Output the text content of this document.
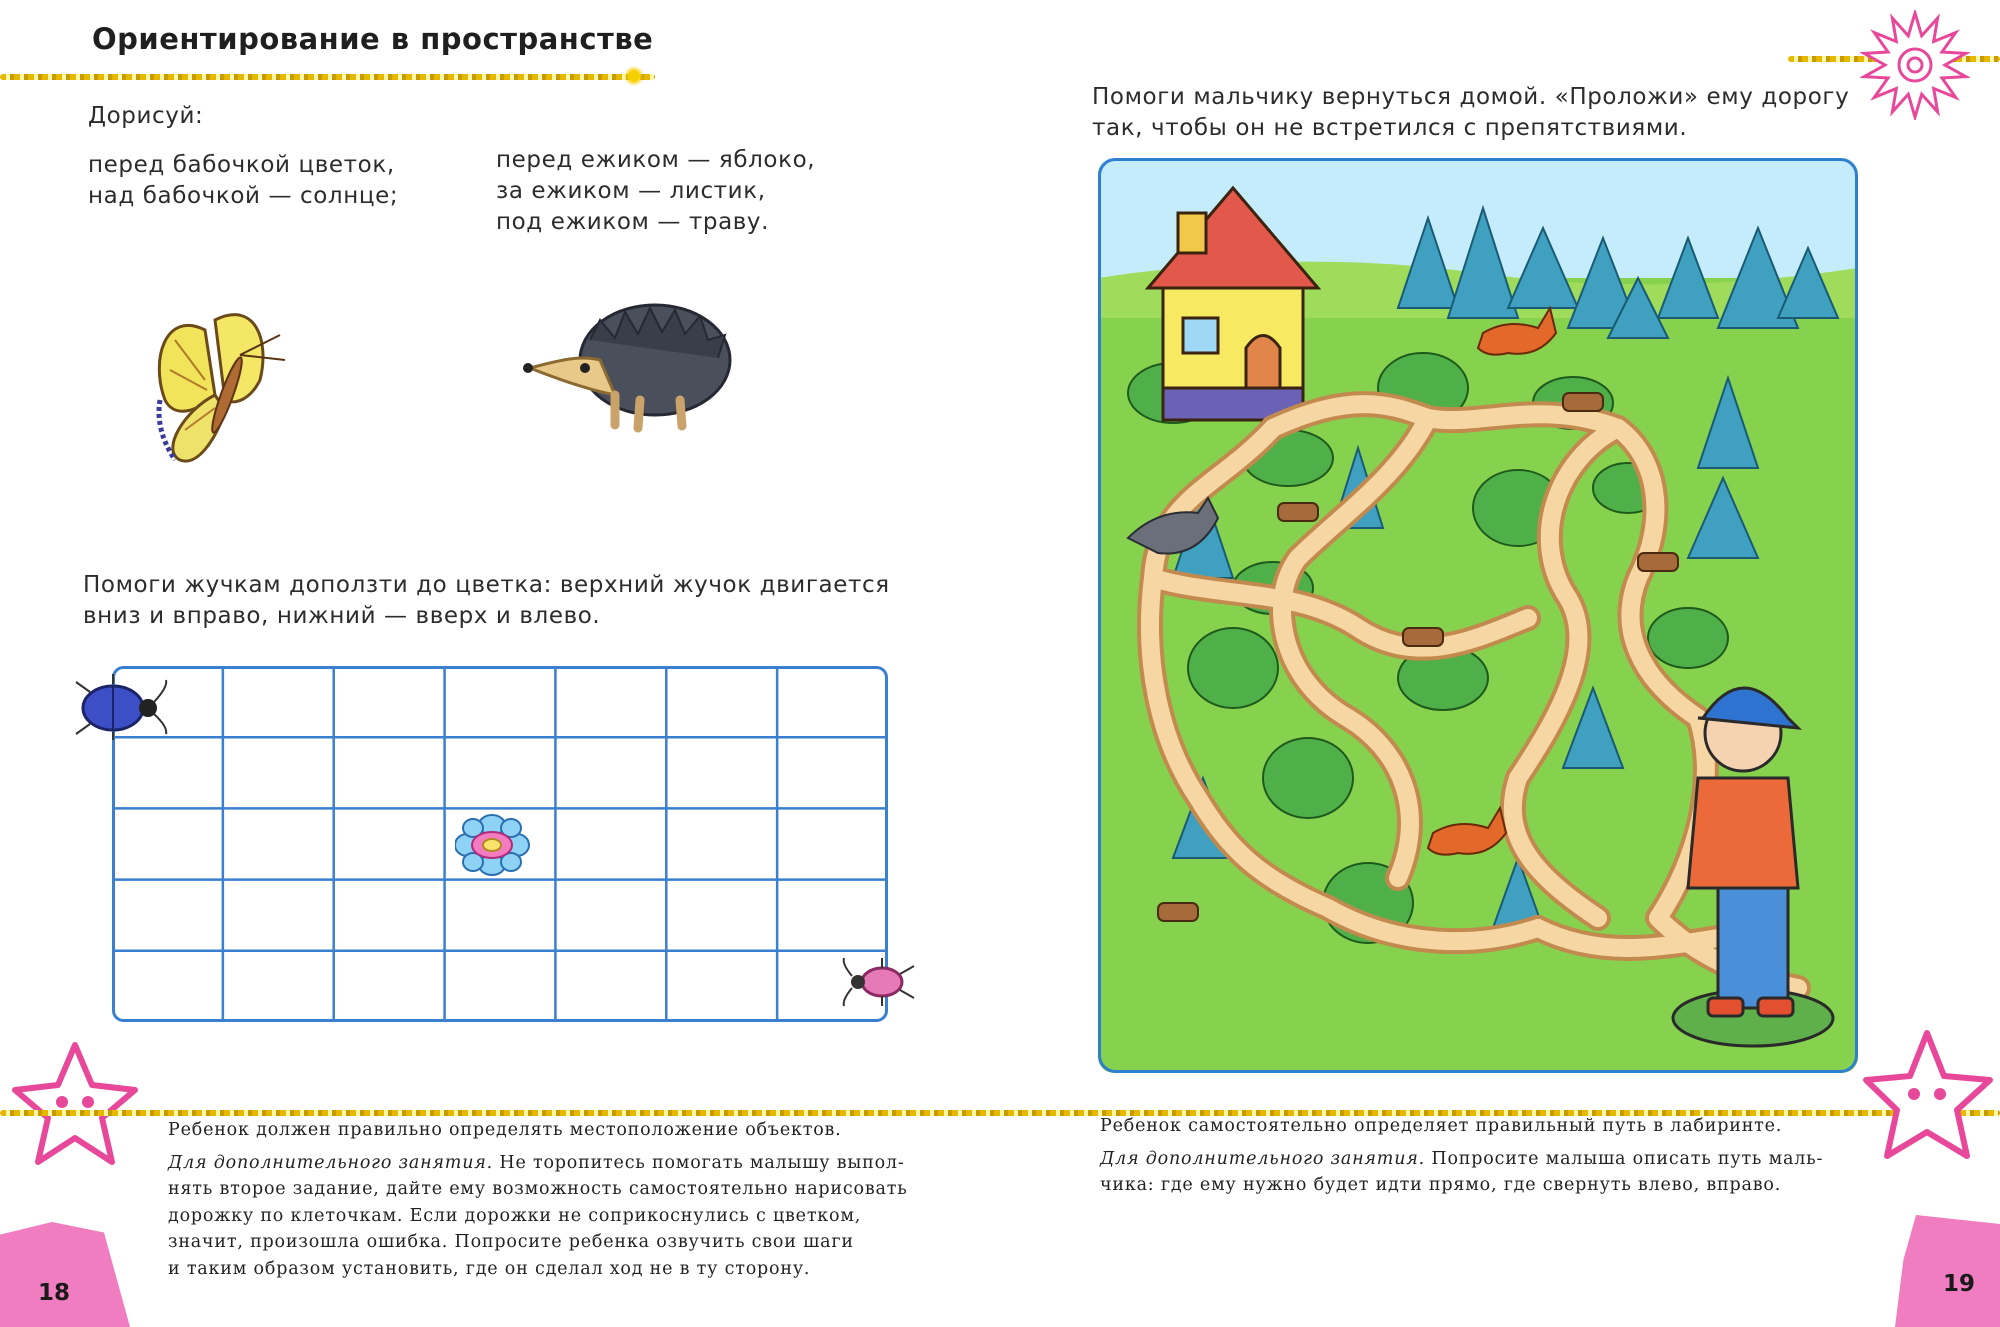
Ориентирование в пространстве
Дорисуй:
перед бабочкой цветок,
над бабочкой — солнце;
перед ежиком — яблоко,
за ежиком — листик,
под ежиком — траву.
Помоги жучкам доползти до цветка: верхний жучок двигается
вниз и вправо, нижний — вверх и влево.
18
Ребенок должен правильно определять местоположение объектов.
Для дополнительного занятия. Не торопитесь помогать малышу выпол-
нять второе задание, дайте ему возможность самостоятельно нарисовать
дорожку по клеточкам. Если дорожки не соприкоснулись с цветком,
значит, произошла ошибка. Попросите ребенка озвучить свои шаги
и таким образом установить, где он сделал ход не в ту сторону.
Помоги мальчику вернуться домой. «Проложи» ему дорогу
так, чтобы он не встретился с препятствиями.
Ребенок самостоятельно определяет правильный путь в лабиринте.
Для дополнительного занятия. Попросите малыша описать путь маль-
чика: где ему нужно будет идти прямо, где свернуть влево, вправо.
19
